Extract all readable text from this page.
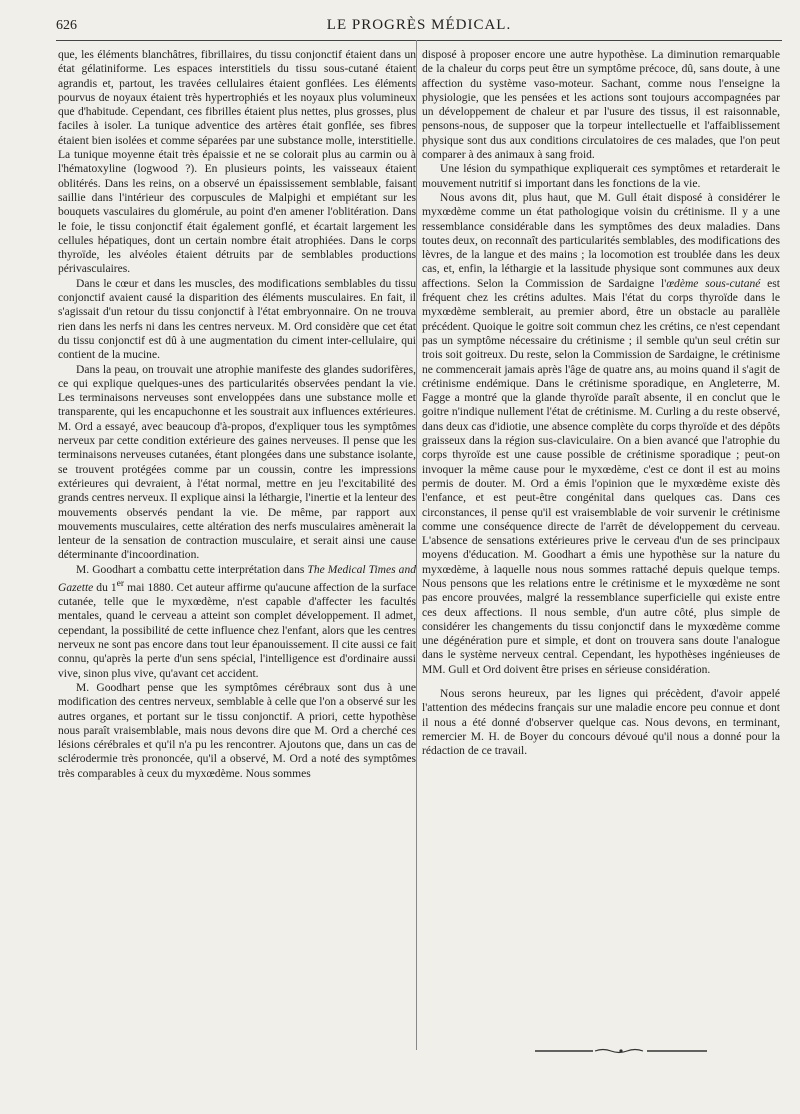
626	LE PROGRÈS MÉDICAL.

que, les éléments blanchâtres, fibrillaires, du tissu conjonctif étaient dans un état gélatiniforme. Les espaces interstitiels du tissu sous-cutané étaient agrandis et, partout, les travées cellulaires étaient gonflées. Les éléments pourvus de noyaux étaient très hypertrophiés et les noyaux plus volumineux que d'habitude. Cependant, ces fibrilles étaient plus nettes, plus grosses, plus faciles à isoler. La tunique adventice des artères était gonflée, ses fibres étaient bien isolées et comme séparées par une substance molle, interstitielle. La tunique moyenne était très épaissie et ne se colorait plus au carmin ou à l'hématoxyline (logwood ?). En plusieurs points, les vaisseaux étaient oblitérés. Dans les reins, on a observé un épaississement semblable, faisant saillie dans l'intérieur des corpuscules de Malpighi et empiétant sur les bouquets vasculaires du glomérule, au point d'en amener l'oblitération. Dans le foie, le tissu conjonctif était également gonflé, et écartait largement les cellules hépatiques, dont un certain nombre était atrophiées. Dans le corps thyroïde, les alvéoles étaient détruits par de semblables productions périvasculaires.

Dans le cœur et dans les muscles, des modifications semblables du tissu conjonctif avaient causé la disparition des éléments musculaires. En fait, il s'agissait d'un retour du tissu conjonctif à l'état embryonnaire. On ne trouva rien dans les nerfs ni dans les centres nerveux. M. Ord considère que cet état du tissu conjonctif est dû à une augmentation du ciment inter-cellulaire, qui contient de la mucine.

Dans la peau, on trouvait une atrophie manifeste des glandes sudorifères, ce qui explique quelques-unes des particularités observées pendant la vie. Les terminaisons nerveuses sont enveloppées dans une substance molle et transparente, qui les encapuchonne et les soustrait aux influences extérieures. M. Ord a essayé, avec beaucoup d'à-propos, d'expliquer tous les symptômes nerveux par cette condition extérieure des gaines nerveuses. Il pense que les terminaisons nerveuses cutanées, étant plongées dans une substance isolante, se trouvent protégées comme par un coussin, contre les impressions extérieures qui devraient, à l'état normal, mettre en jeu l'excitabilité des grands centres nerveux. Il explique ainsi la léthargie, l'inertie et la lenteur des mouvements observés pendant la vie. De même, par rapport aux mouvements musculaires, cette altération des nerfs musculaires amènerait la lenteur de la sensation de contraction musculaire, et serait ainsi une cause déterminante d'incoordination.

M. Goodhart a combattu cette interprétation dans The Medical Times and Gazette du 1er mai 1880. Cet auteur affirme qu'aucune affection de la surface cutanée, telle que le myxœdème, n'est capable d'affecter les facultés mentales, quand le cerveau a atteint son complet développement. Il admet, cependant, la possibilité de cette influence chez l'enfant, alors que les centres nerveux ne sont pas encore dans tout leur épanouissement. Il cite aussi ce fait connu, qu'après la perte d'un sens spécial, l'intelligence est d'ordinaire aussi vive, sinon plus vive, qu'avant cet accident.

M. Goodhart pense que les symptômes cérébraux sont dus à une modification des centres nerveux, semblable à celle que l'on a observé sur les autres organes, et portant sur le tissu conjonctif. A priori, cette hypothèse nous paraît vraisemblable, mais nous devons dire que M. Ord a cherché ces lésions cérébrales et qu'il n'a pu les rencontrer. Ajoutons que, dans un cas de sclérodermie très prononcée, qu'il a observé, M. Ord a noté des symptômes très comparables à ceux du myxœdème. Nous sommes

disposé à proposer encore une autre hypothèse. La diminution remarquable de la chaleur du corps peut être un symptôme précoce, dû, sans doute, à une affection du système vaso-moteur. Sachant, comme nous l'enseigne la physiologie, que les pensées et les actions sont toujours accompagnées par un développement de chaleur et par l'usure des tissus, il est raisonnable, pensons-nous, de supposer que la torpeur intellectuelle et l'affaiblissement physique sont dus aux conditions circulatoires de ces malades, que l'on peut comparer à des animaux à sang froid.

Une lésion du sympathique expliquerait ces symptômes et retarderait le mouvement nutritif si important dans les fonctions de la vie.

Nous avons dit, plus haut, que M. Gull était disposé à considérer le myxœdème comme un état pathologique voisin du crétinisme. Il y a une ressemblance considérable dans les symptômes des deux maladies. Dans toutes deux, on reconnaît des particularités semblables, des modifications des lèvres, de la langue et des mains ; la locomotion est troublée dans les deux cas, et, enfin, la léthargie et la lassitude physique sont communes aux deux affections. Selon la Commission de Sardaigne l'œdème sous-cutané est fréquent chez les crétins adultes. Mais l'état du corps thyroïde dans le myxœdème semblerait, au premier abord, être un obstacle au parallèle précédent. Quoique le goitre soit commun chez les crétins, ce n'est cependant pas un symptôme nécessaire du crétinisme ; il semble qu'un seul crétin sur trois soit goitreux. Du reste, selon la Commission de Sardaigne, le crétinisme ne commencerait jamais après l'âge de quatre ans, au moins quand il s'agit de crétinisme endémique. Dans le crétinisme sporadique, en Angleterre, M. Fagge a montré que la glande thyroïde paraît absente, il en conclut que le goitre n'indique nullement l'état de crétinisme. M. Curling a du reste observé, dans deux cas d'idiotie, une absence complète du corps thyroïde et des dépôts graisseux dans la région sus-claviculaire. On a bien avancé que l'atrophie du corps thyroïde est une cause possible de crétinisme sporadique ; peut-on invoquer la même cause pour le myxœdème, c'est ce dont il est au moins permis de douter. M. Ord a émis l'opinion que le myxœdème existe dès l'enfance, et est peut-être congénital dans quelques cas. Dans ces circonstances, il pense qu'il est vraisemblable de voir survenir le crétinisme comme une conséquence directe de l'arrêt de développement du cerveau. L'absence de sensations extérieures prive le cerveau d'un de ses principaux moyens d'éducation. M. Goodhart a émis une hypothèse sur la nature du myxœdème, à laquelle nous nous sommes rattaché depuis quelque temps. Nous pensons que les relations entre le crétinisme et le myxœdème ne sont pas encore prouvées, malgré la ressemblance superficielle qui existe entre ces deux affections. Il nous semble, d'un autre côté, plus simple de considérer les changements du tissu conjonctif dans le myxœdème comme une dégénération pure et simple, et dont on trouvera sans doute l'analogue dans le système nerveux central. Cependant, les hypothèses ingénieuses de MM. Gull et Ord doivent être prises en sérieuse considération.

Nous serons heureux, par les lignes qui précèdent, d'avoir appelé l'attention des médecins français sur une maladie encore peu connue et dont il nous a été donné d'observer quelque cas. Nous devons, en terminant, remercier M. H. de Boyer du concours dévoué qu'il nous a donné pour la rédaction de ce travail.
